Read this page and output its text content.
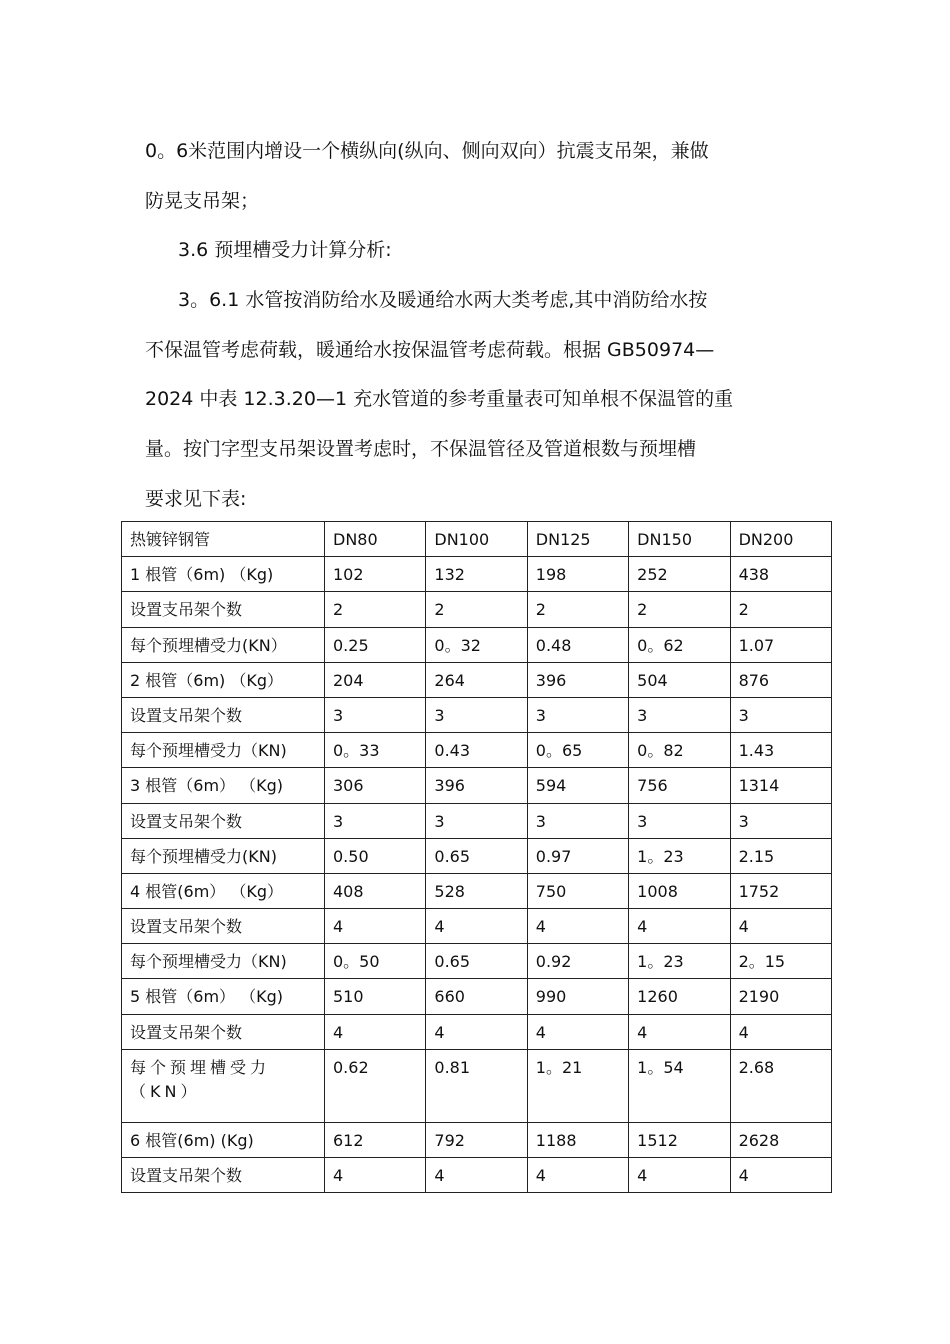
0。6米范围内增设一个横纵向(纵向、侧向双向）抗震支吊架，兼做
防晃支吊架；
3.6 预埋槽受力计算分析:
3。6.1 水管按消防给水及暖通给水两大类考虑,其中消防给水按
不保温管考虑荷载，暖通给水按保温管考虑荷载。根据 GB50974—
2024 中表 12.3.20—1 充水管道的参考重量表可知单根不保温管的重
量。按门字型支吊架设置考虑时，不保温管径及管道根数与预埋槽
要求见下表:
热镀锌钢管	DN80	DN100	DN125	DN150	DN200
1 根管（6m) （Kg)	102	132	198	252	438
设置支吊架个数	2	2	2	2	2
每个预埋槽受力(KN）	0.25	0。32	0.48	0。62	1.07
2 根管（6m) （Kg）	204	264	396	504	876
设置支吊架个数	3	3	3	3	3
每个预埋槽受力（KN)	0。33	0.43	0。65	0。82	1.43
3 根管（6m） （Kg)	306	396	594	756	1314
设置支吊架个数	3	3	3	3	3
每个预埋槽受力(KN)	0.50	0.65	0.97	1。23	2.15
4 根管(6m） （Kg）	408	528	750	1008	1752
设置支吊架个数	4	4	4	4	4
每个预埋槽受力（KN)	0。50	0.65	0.92	1。23	2。15
5 根管（6m） （Kg)	510	660	990	1260	2190
设置支吊架个数	4	4	4	4	4
每个预埋槽受力（KN）	0.62	0.81	1。21	1。54	2.68
6 根管(6m) (Kg)	612	792	1188	1512	2628
设置支吊架个数	4	4	4	4	4
